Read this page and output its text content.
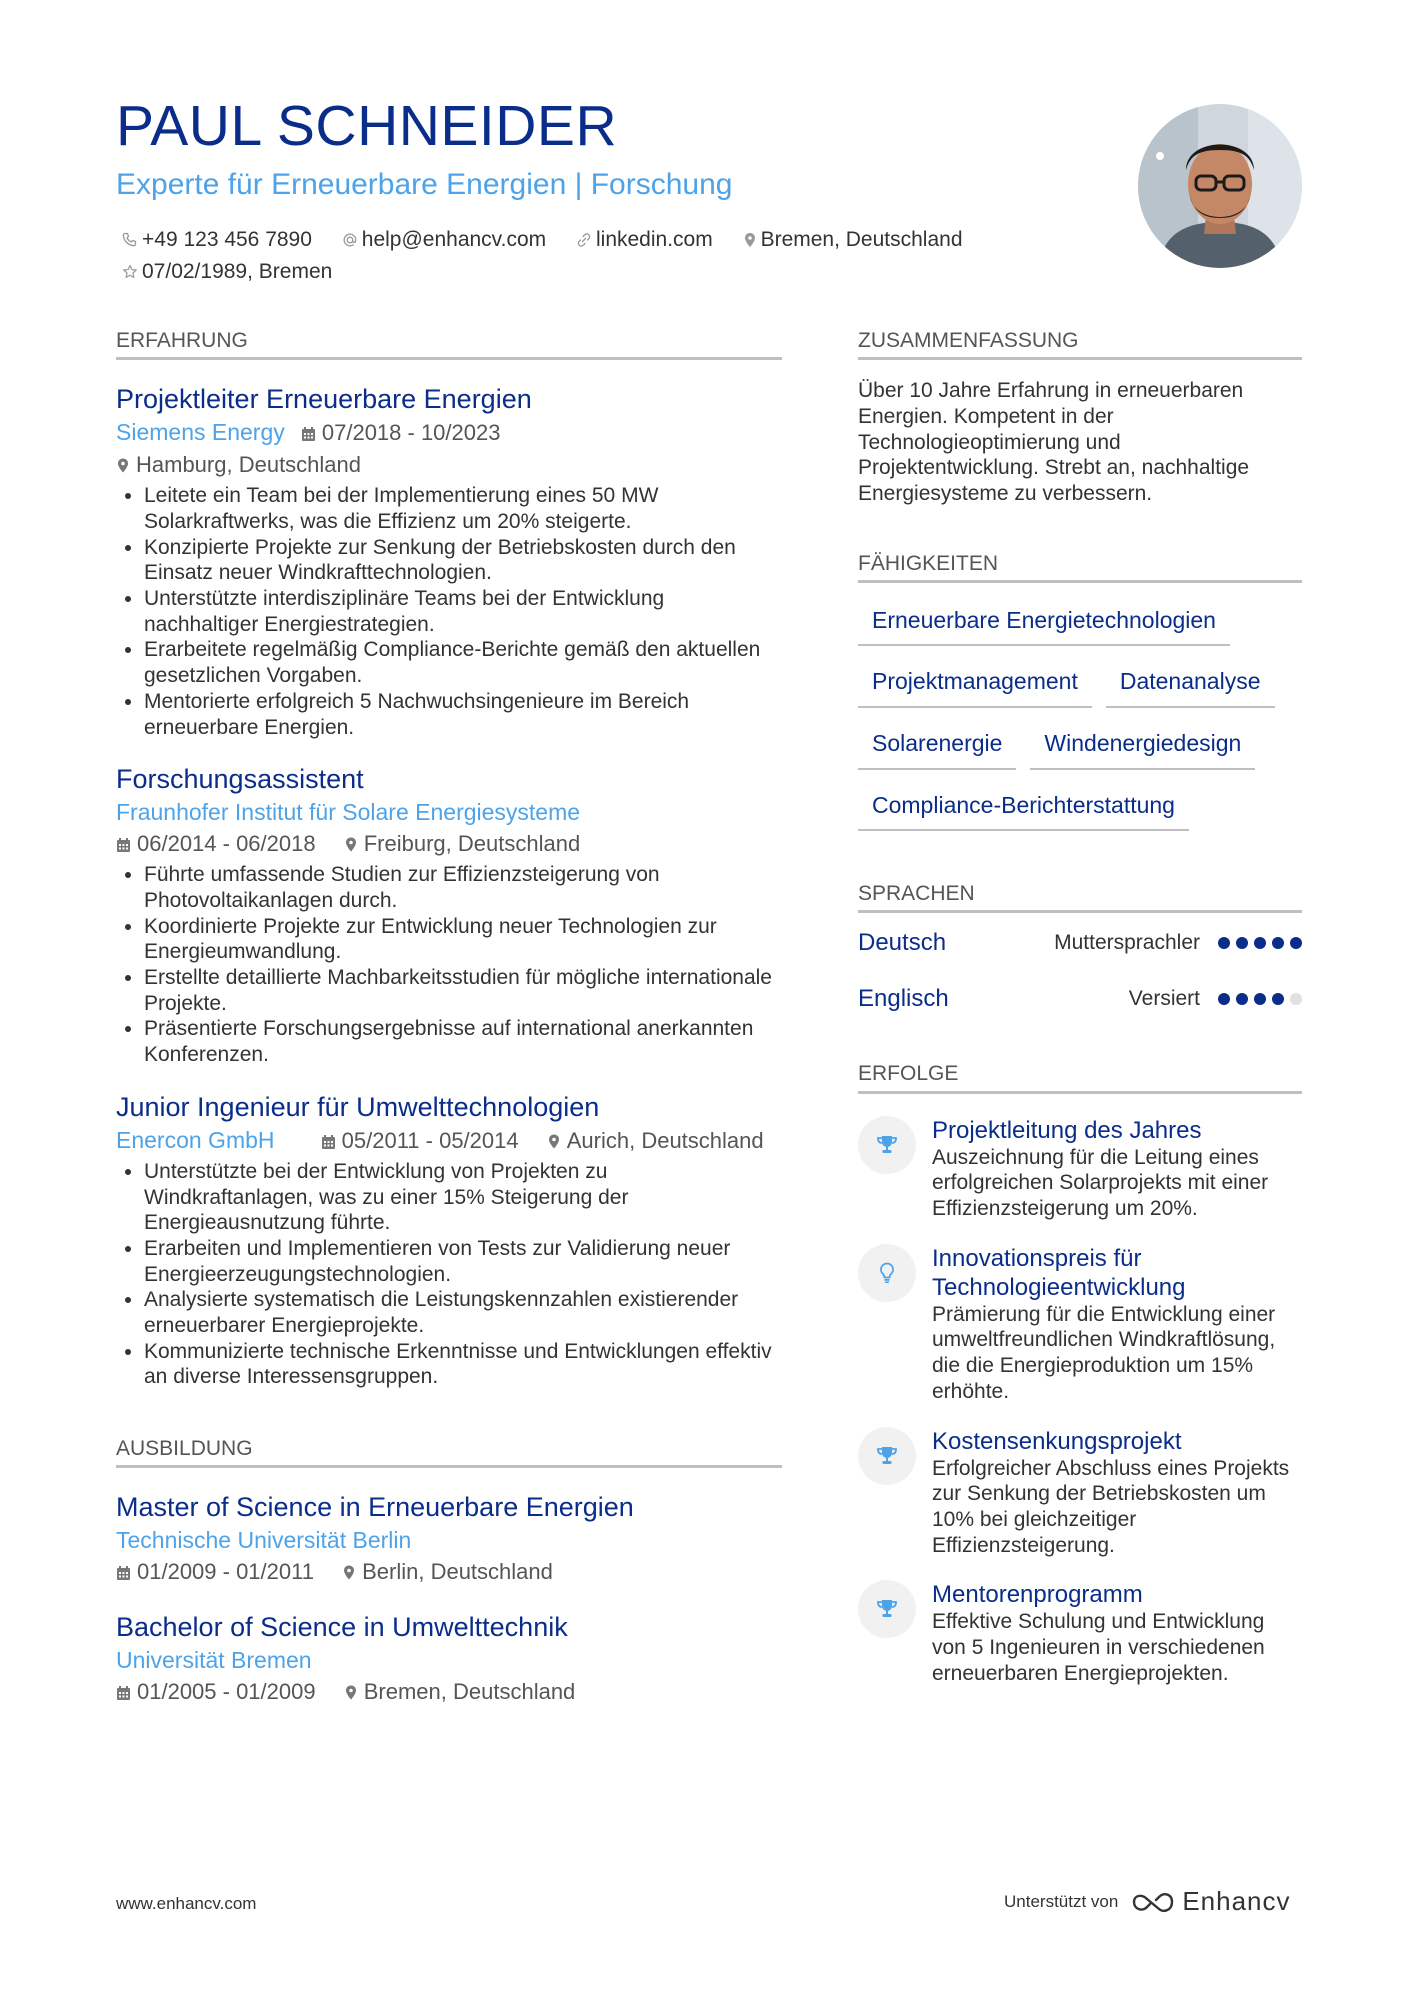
PAUL SCHNEIDER
Experte für Erneuerbare Energien | Forschung
+49 123 456 7890 help@enhancv.com linkedin.com Bremen, Deutschland
07/02/1989, Bremen
ERFAHRUNG
Projektleiter Erneuerbare Energien
Siemens Energy 07/2018 - 10/2023 Hamburg, Deutschland
• Leitete ein Team bei der Implementierung eines 50 MW Solarkraftwerks, was die Effizienz um 20% steigerte.
• Konzipierte Projekte zur Senkung der Betriebskosten durch den Einsatz neuer Windkrafttechnologien.
• Unterstützte interdisziplinäre Teams bei der Entwicklung nachhaltiger Energiestrategien.
• Erarbeitete regelmäßig Compliance-Berichte gemäß den aktuellen gesetzlichen Vorgaben.
• Mentorierte erfolgreich 5 Nachwuchsingenieure im Bereich erneuerbare Energien.
Forschungsassistent
Fraunhofer Institut für Solare Energiesysteme
06/2014 - 06/2018 Freiburg, Deutschland
• Führte umfassende Studien zur Effizienzsteigerung von Photovoltaikanlagen durch.
• Koordinierte Projekte zur Entwicklung neuer Technologien zur Energieumwandlung.
• Erstellte detaillierte Machbarkeitsstudien für mögliche internationale Projekte.
• Präsentierte Forschungsergebnisse auf international anerkannten Konferenzen.
Junior Ingenieur für Umwelttechnologien
Enercon GmbH	05/2011 - 05/2014 Aurich, Deutschland
• Unterstützte bei der Entwicklung von Projekten zu Windkraftanlagen, was zu einer 15% Steigerung der Energieausnutzung führte.
• Erarbeiten und Implementieren von Tests zur Validierung neuer Energieerzeugungstechnologien.
• Analysierte systematisch die Leistungskennzahlen existierender erneuerbarer Energieprojekte.
• Kommunizierte technische Erkenntnisse und Entwicklungen effektiv an diverse Interessensgruppen.
AUSBILDUNG
Master of Science in Erneuerbare Energien
Technische Universität Berlin
01/2009 - 01/2011 Berlin, Deutschland
Bachelor of Science in Umwelttechnik
Universität Bremen
01/2005 - 01/2009 Bremen, Deutschland
ZUSAMMENFASSUNG
Über 10 Jahre Erfahrung in erneuerbaren Energien. Kompetent in der Technologieoptimierung und Projektentwicklung. Strebt an, nachhaltige Energiesysteme zu verbessern.
FÄHIGKEITEN
Erneuerbare Energietechnologien
Projektmanagement	Datenanalyse
Solarenergie	Windenergiedesign
Compliance-Berichterstattung
SPRACHEN
Deutsch	Muttersprachler
Englisch	Versiert
ERFOLGE
Projektleitung des Jahres
Auszeichnung für die Leitung eines erfolgreichen Solarprojekts mit einer Effizienzsteigerung um 20%.
Innovationspreis für Technologieentwicklung
Prämierung für die Entwicklung einer umweltfreundlichen Windkraftlösung, die die Energieproduktion um 15% erhöhte.
Kostensenkungsprojekt
Erfolgreicher Abschluss eines Projekts zur Senkung der Betriebskosten um 10% bei gleichzeitiger Effizienzsteigerung.
Mentorenprogramm
Effektive Schulung und Entwicklung von 5 Ingenieuren in verschiedenen erneuerbaren Energieprojekten.
www.enhancv.com	Unterstützt von Enhancv
